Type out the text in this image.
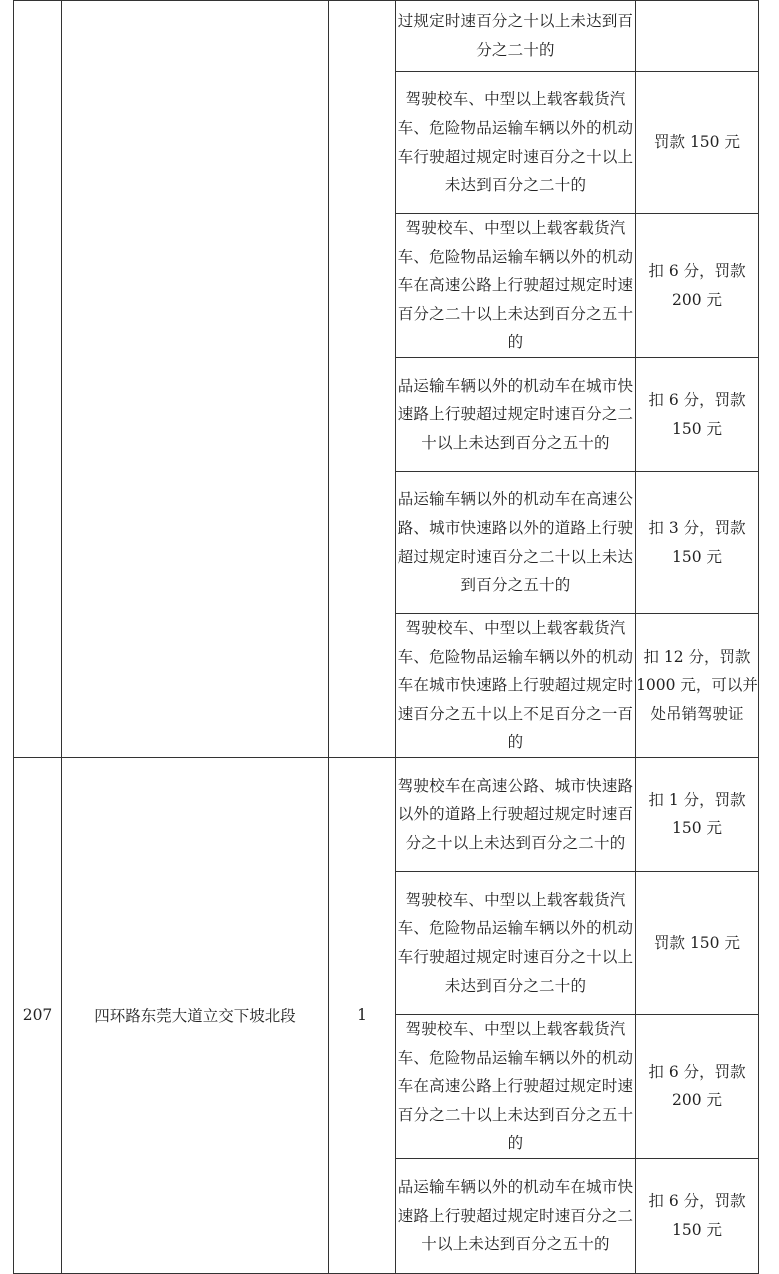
			过规定时速百分之十以上未达到百分之二十的	
			驾驶校车、中型以上载客载货汽车、危险物品运输车辆以外的机动车行驶超过规定时速百分之十以上未达到百分之二十的	罚款 150 元
			驾驶校车、中型以上载客载货汽车、危险物品运输车辆以外的机动车在高速公路上行驶超过规定时速百分之二十以上未达到百分之五十的	扣 6 分，罚款 200 元
			品运输车辆以外的机动车在城市快速路上行驶超过规定时速百分之二十以上未达到百分之五十的	扣 6 分，罚款 150 元
			品运输车辆以外的机动车在高速公路、城市快速路以外的道路上行驶超过规定时速百分之二十以上未达到百分之五十的	扣 3 分，罚款 150 元
			驾驶校车、中型以上载客载货汽车、危险物品运输车辆以外的机动车在城市快速路上行驶超过规定时速百分之五十以上不足百分之一百的	扣 12 分，罚款 1000 元，可以并处吊销驾驶证
207	四环路东莞大道立交下坡北段	1	驾驶校车在高速公路、城市快速路以外的道路上行驶超过规定时速百分之十以上未达到百分之二十的	扣 1 分，罚款 150 元
			驾驶校车、中型以上载客载货汽车、危险物品运输车辆以外的机动车行驶超过规定时速百分之十以上未达到百分之二十的	罚款 150 元
			驾驶校车、中型以上载客载货汽车、危险物品运输车辆以外的机动车在高速公路上行驶超过规定时速百分之二十以上未达到百分之五十的	扣 6 分，罚款 200 元
			品运输车辆以外的机动车在城市快速路上行驶超过规定时速百分之二十以上未达到百分之五十的	扣 6 分，罚款 150 元
